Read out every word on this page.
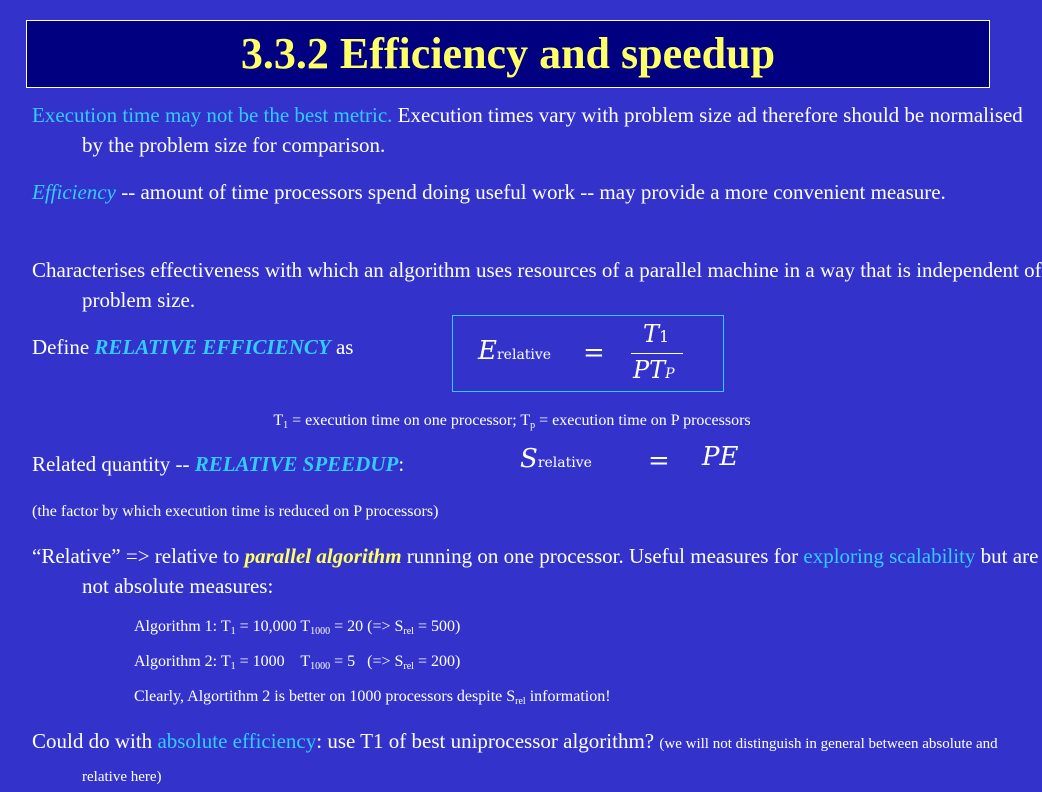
3.3.2 Efficiency and speedup
Execution time may not be the best metric. Execution times vary with problem size ad therefore should be normalised by the problem size for comparison.
Efficiency -- amount of time processors spend doing useful work -- may provide a more convenient measure.
Characterises effectiveness with which an algorithm uses resources of a parallel machine in a way that is independent of problem size.
Define RELATIVE EFFICIENCY as	Erelative =
T1
PTP
$T_1$ = execution time on one processor; $T_p$ = execution time on P processors
Related quantity -- RELATIVE SPEEDUP:	Srelative = PE
(the factor by which execution time is reduced on P processors)
“Relative” => relative to parallel algorithm running on one processor. Useful measures for exploring scalability but are not absolute measures:
Algorithm 1: $T_1 = 10,000$ $T_{1000} = 20$ (=> $S_{rel} = 500$)
Algorithm 2: $T_1 = 1000$    $T_{1000} = 5$   (=> $S_{rel} = 200$)
Clearly, Algortithm 2 is better on 1000 processors despite $S_{rel}$ information!
Could do with absolute efficiency: use T1 of best uniprocessor algorithm? (we will not distinguish in general between absolute and relative here)
